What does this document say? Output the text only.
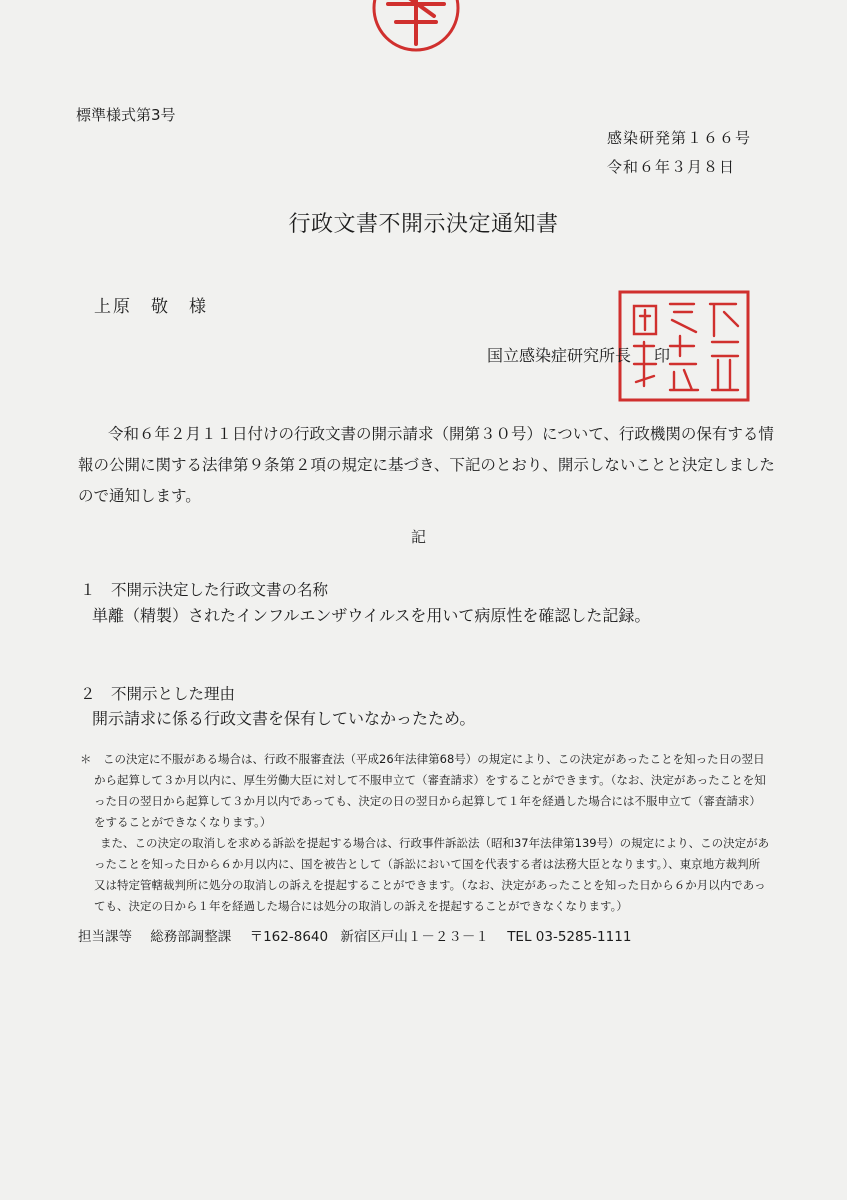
標準様式第3号
感染研発第１６６号
令和６年３月８日
行政文書不開示決定通知書
上原　敬　様
国立感染症研究所長 印
令和６年２月１１日付けの行政文書の開示請求（開第３０号）について、行政機関の保有する情報の公開に関する法律第９条第２項の規定に基づき、下記のとおり、開示しないことと決定しましたので通知します。
記
１　不開示決定した行政文書の名称
単離（精製）されたインフルエンザウイルスを用いて病原性を確認した記録。
２　不開示とした理由
開示請求に係る行政文書を保有していなかったため。

＊　この決定に不服がある場合は、行政不服審査法（平成26年法律第68号）の規定により、この決定があったことを知った日の翌日から起算して３か月以内に、厚生労働大臣に対して不服申立て（審査請求）をすることができます。（なお、決定があったことを知った日の翌日から起算して３か月以内であっても、決定の日の翌日から起算して１年を経過した場合には不服申立て（審査請求）をすることができなくなります。）

また、この決定の取消しを求める訴訟を提起する場合は、行政事件訴訟法（昭和37年法律第139号）の規定により、この決定があったことを知った日から６か月以内に、国を被告として（訴訟において国を代表する者は法務大臣となります。）、東京地方裁判所又は特定管轄裁判所に処分の取消しの訴えを提起することができます。（なお、決定があったことを知った日から６か月以内であっても、決定の日から１年を経過した場合には処分の取消しの訴えを提起することができなくなります。）

担当課等 総務部調整課 〒162-8640 新宿区戸山１－２３－１ TEL 03-5285-1111
